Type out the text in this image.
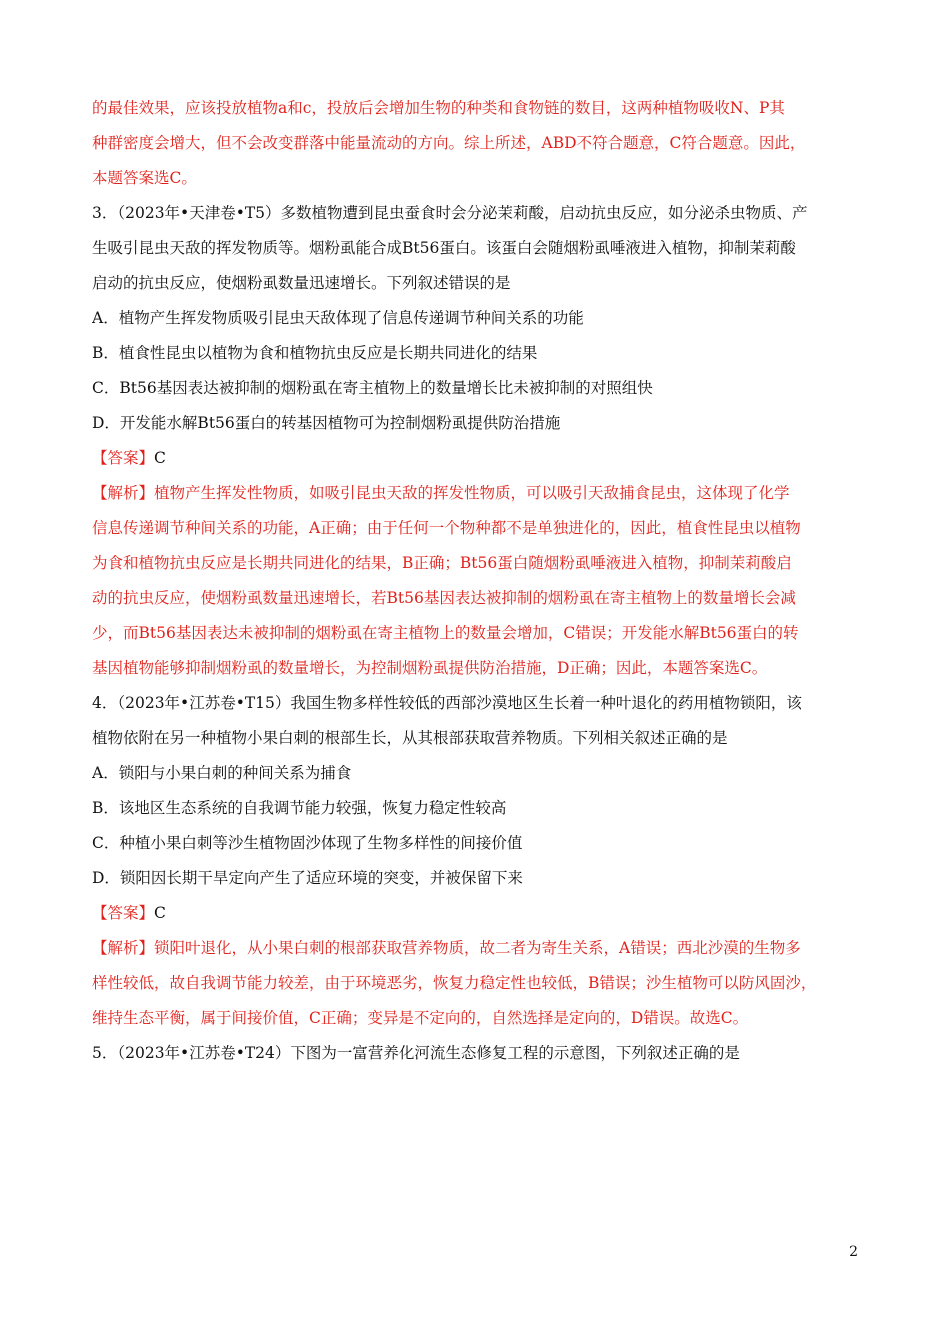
的最佳效果，应该投放植物a和c，投放后会增加生物的种类和食物链的数目，这两种植物吸收N、P其
种群密度会增大，但不会改变群落中能量流动的方向。综上所述，ABD不符合题意，C符合题意。因此，
本题答案选C。
3．（2023年•天津卷•T5）多数植物遭到昆虫蚕食时会分泌茉莉酸，启动抗虫反应，如分泌杀虫物质、产
生吸引昆虫天敌的挥发物质等。烟粉虱能合成Bt56蛋白。该蛋白会随烟粉虱唾液进入植物，抑制茉莉酸
启动的抗虫反应，使烟粉虱数量迅速增长。下列叙述错误的是
A．植物产生挥发物质吸引昆虫天敌体现了信息传递调节种间关系的功能
B．植食性昆虫以植物为食和植物抗虫反应是长期共同进化的结果
C．Bt56基因表达被抑制的烟粉虱在寄主植物上的数量增长比未被抑制的对照组快
D．开发能水解Bt56蛋白的转基因植物可为控制烟粉虱提供防治措施
【答案】C
【解析】植物产生挥发性物质，如吸引昆虫天敌的挥发性物质，可以吸引天敌捕食昆虫，这体现了化学
信息传递调节种间关系的功能，A正确；由于任何一个物种都不是单独进化的，因此，植食性昆虫以植物
为食和植物抗虫反应是长期共同进化的结果，B正确；Bt56蛋白随烟粉虱唾液进入植物，抑制茉莉酸启
动的抗虫反应，使烟粉虱数量迅速增长，若Bt56基因表达被抑制的烟粉虱在寄主植物上的数量增长会减
少，而Bt56基因表达未被抑制的烟粉虱在寄主植物上的数量会增加，C错误；开发能水解Bt56蛋白的转
基因植物能够抑制烟粉虱的数量增长，为控制烟粉虱提供防治措施，D正确；因此，本题答案选C。
4．（2023年•江苏卷•T15）我国生物多样性较低的西部沙漠地区生长着一种叶退化的药用植物锁阳，该
植物依附在另一种植物小果白刺的根部生长，从其根部获取营养物质。下列相关叙述正确的是
A．锁阳与小果白刺的种间关系为捕食
B．该地区生态系统的自我调节能力较强，恢复力稳定性较高
C．种植小果白刺等沙生植物固沙体现了生物多样性的间接价值
D．锁阳因长期干旱定向产生了适应环境的突变，并被保留下来
【答案】C
【解析】锁阳叶退化，从小果白刺的根部获取营养物质，故二者为寄生关系，A错误；西北沙漠的生物多
样性较低，故自我调节能力较差，由于环境恶劣，恢复力稳定性也较低，B错误；沙生植物可以防风固沙，
维持生态平衡，属于间接价值，C正确；变异是不定向的，自然选择是定向的，D错误。故选C。
5．（2023年•江苏卷•T24）下图为一富营养化河流生态修复工程的示意图，下列叙述正确的是
2
